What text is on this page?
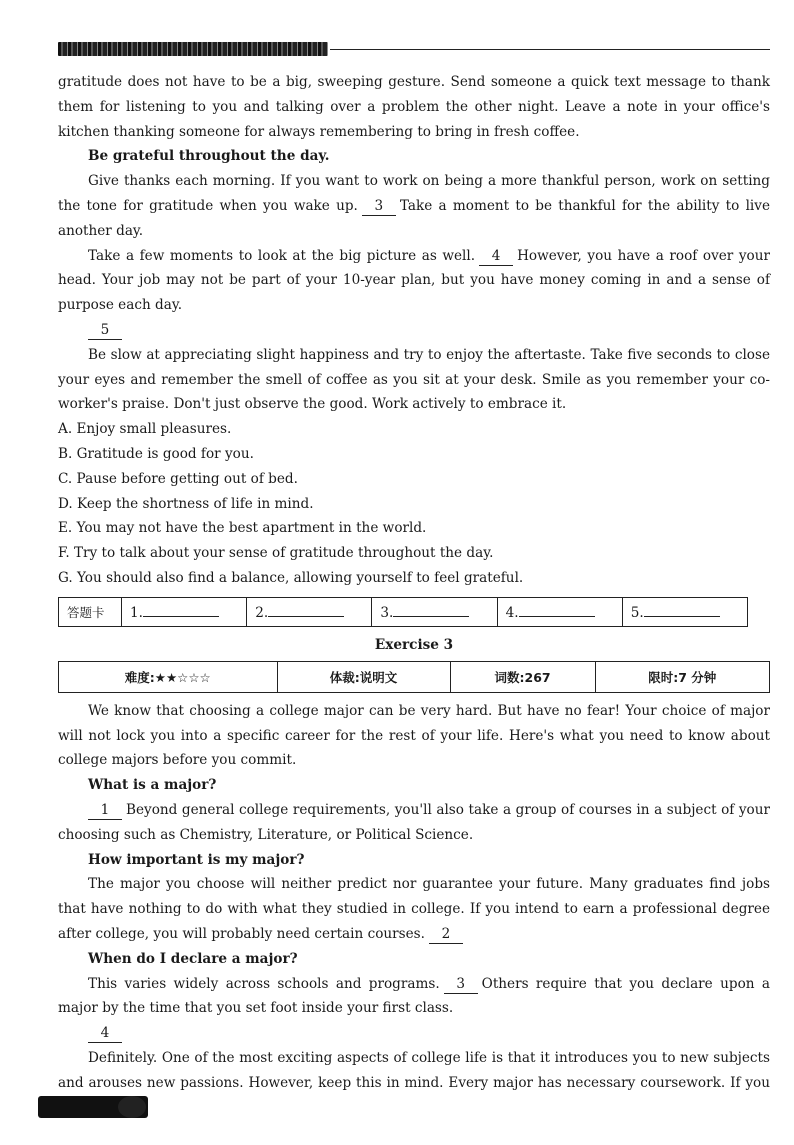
gratitude does not have to be a big, sweeping gesture. Send someone a quick text message to thank them for listening to you and talking over a problem the other night. Leave a note in your office's kitchen thanking someone for always remembering to bring in fresh coffee.

Be grateful throughout the day.

Give thanks each morning. If you want to work on being a more thankful person, work on setting the tone for gratitude when you wake up. 3 Take a moment to be thankful for the ability to live another day.

Take a few moments to look at the big picture as well. 4 However, you have a roof over your head. Your job may not be part of your 10-year plan, but you have money coming in and a sense of purpose each day.

5

Be slow at appreciating slight happiness and try to enjoy the aftertaste. Take five seconds to close your eyes and remember the smell of coffee as you sit at your desk. Smile as you remember your co-worker's praise. Don't just observe the good. Work actively to embrace it.

A. Enjoy small pleasures.

B. Gratitude is good for you.

C. Pause before getting out of bed.

D. Keep the shortness of life in mind.

E. You may not have the best apartment in the world.

F. Try to talk about your sense of gratitude throughout the day.

G. You should also find a balance, allowing yourself to feel grateful.

答题卡	1.	2.	3.	4.	5.
Exercise 3
难度:★★☆☆☆	体裁:说明文	词数:267	限时:7 分钟

We know that choosing a college major can be very hard. But have no fear! Your choice of major will not lock you into a specific career for the rest of your life. Here's what you need to know about college majors before you commit.

What is a major?

1 Beyond general college requirements, you'll also take a group of courses in a subject of your choosing such as Chemistry, Literature, or Political Science.

How important is my major?

The major you choose will neither predict nor guarantee your future. Many graduates find jobs that have nothing to do with what they studied in college. If you intend to earn a professional degree after college, you will probably need certain courses. 2

When do I declare a major?

This varies widely across schools and programs. 3 Others require that you declare upon a major by the time that you set foot inside your first class.

4

Definitely. One of the most exciting aspects of college life is that it introduces you to new subjects and arouses new passions. However, keep this in mind. Every major has necessary coursework. If you
